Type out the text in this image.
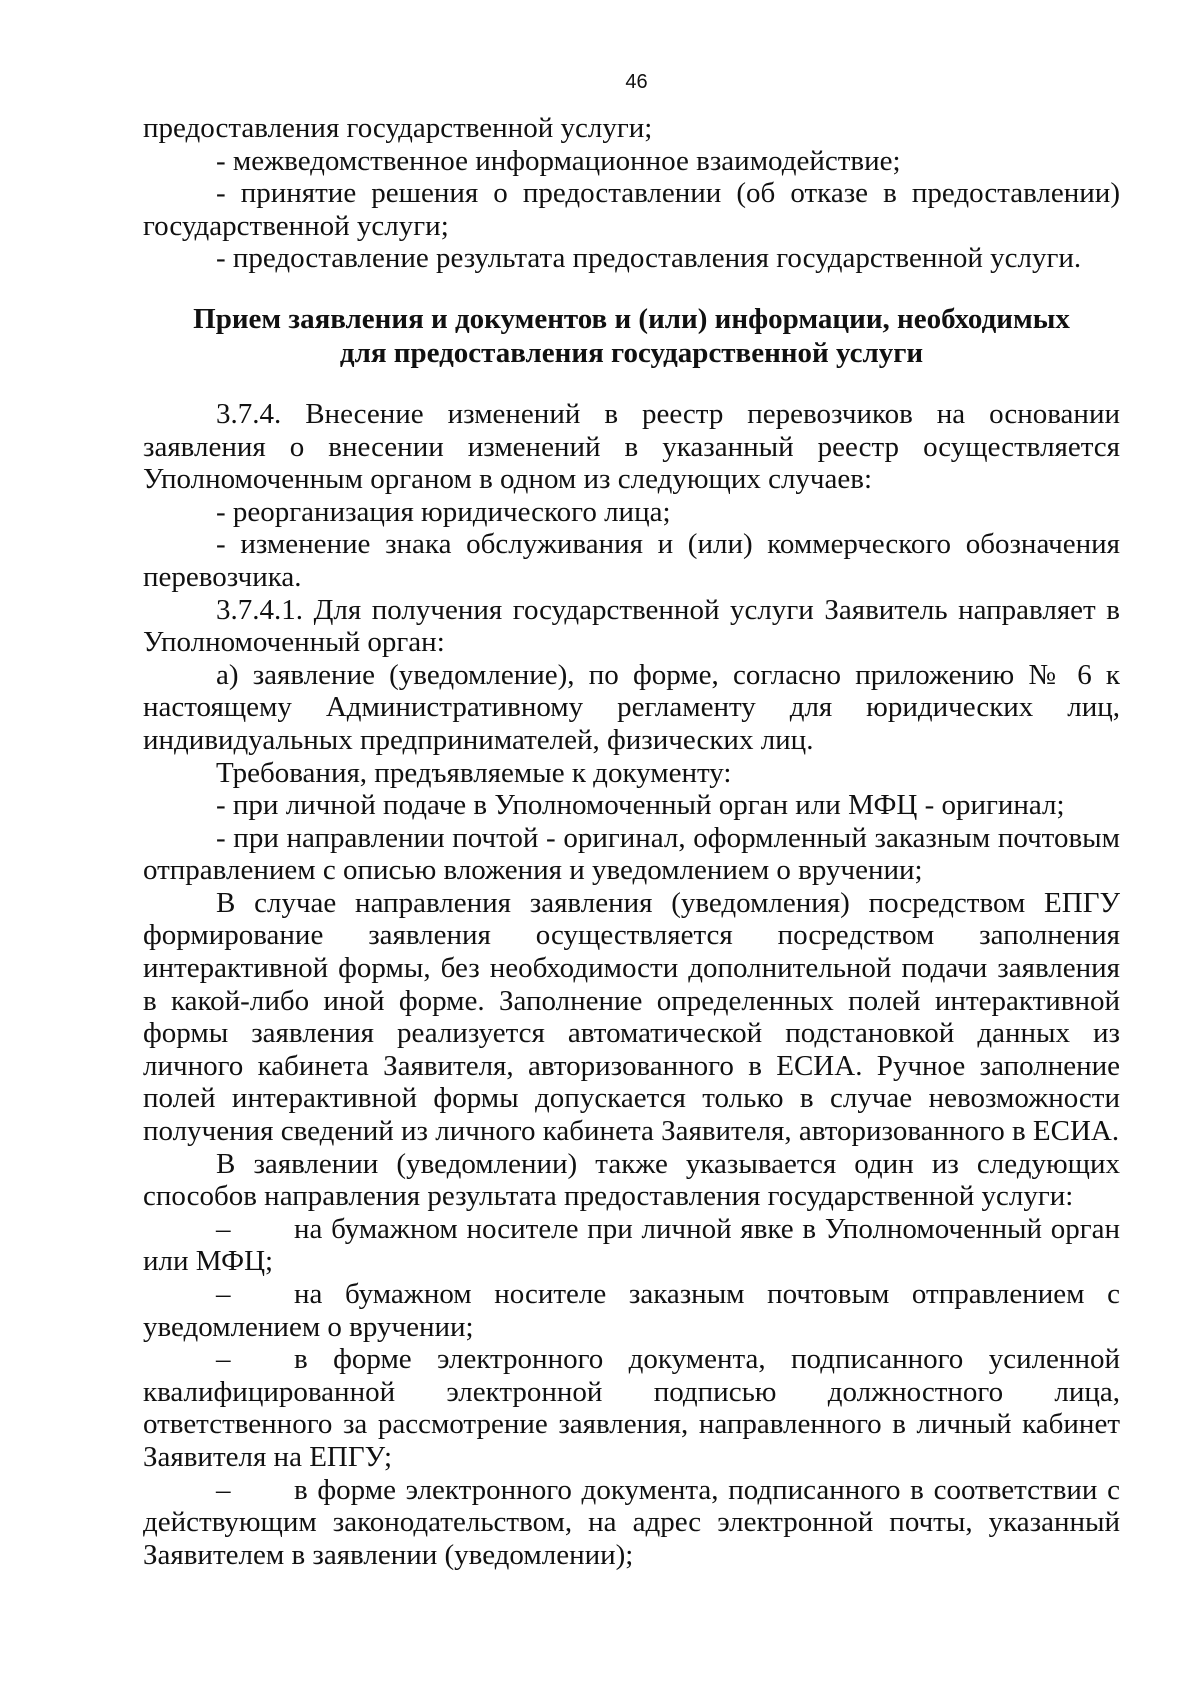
46

предоставления государственной услуги;

- межведомственное информационное взаимодействие;

- принятие решения о предоставлении (об отказе в предоставлении) государственной услуги;

- предоставление результата предоставления государственной услуги.

Прием заявления и документов и (или) информации, необходимых
для предоставления государственной услуги

3.7.4. Внесение изменений в реестр перевозчиков на основании заявления о внесении изменений в указанный реестр осуществляется Уполномоченным органом в одном из следующих случаев:

- реорганизация юридического лица;

- изменение знака обслуживания и (или) коммерческого обозначения перевозчика.

3.7.4.1. Для получения государственной услуги Заявитель направляет в Уполномоченный орган:

а) заявление (уведомление), по форме, согласно приложению № 6 к настоящему Административному регламенту для юридических лиц, индивидуальных предпринимателей, физических лиц.

Требования, предъявляемые к документу:

- при личной подаче в Уполномоченный орган или МФЦ - оригинал;

- при направлении почтой - оригинал, оформленный заказным почтовым отправлением с описью вложения и уведомлением о вручении;

В случае направления заявления (уведомления) посредством ЕПГУ формирование заявления осуществляется посредством заполнения интерактивной формы, без необходимости дополнительной подачи заявления в какой-либо иной форме. Заполнение определенных полей интерактивной формы заявления реализуется автоматической подстановкой данных из личного кабинета Заявителя, авторизованного в ЕСИА. Ручное заполнение полей интерактивной формы допускается только в случае невозможности получения сведений из личного кабинета Заявителя, авторизованного в ЕСИА.

В заявлении (уведомлении) также указывается один из следующих способов направления результата предоставления государственной услуги:

– на бумажном носителе при личной явке в Уполномоченный орган или МФЦ;

– на бумажном носителе заказным почтовым отправлением с уведомлением о вручении;

– в форме электронного документа, подписанного усиленной квалифицированной электронной подписью должностного лица, ответственного за рассмотрение заявления, направленного в личный кабинет Заявителя на ЕПГУ;

– в форме электронного документа, подписанного в соответствии с действующим законодательством, на адрес электронной почты, указанный Заявителем в заявлении (уведомлении);
